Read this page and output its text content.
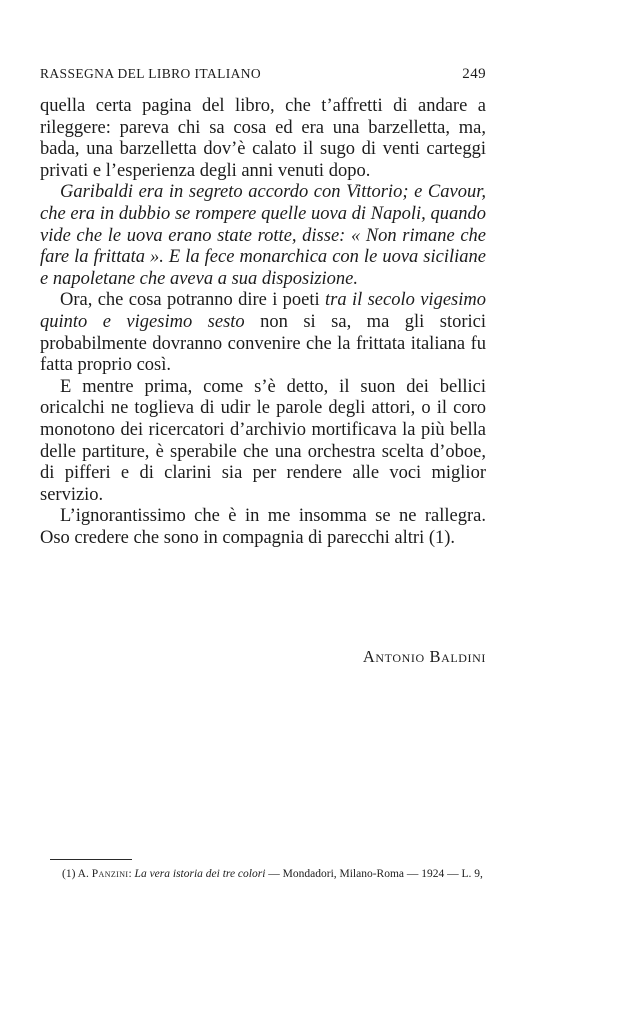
RASSEGNA DEL LIBRO ITALIANO	249

quella certa pagina del libro, che t’affretti di andare a rileggere: pareva chi sa cosa ed era una barzelletta, ma, bada, una barzelletta dov’è calato il sugo di venti carteggi privati e l’esperienza degli anni venuti dopo.

Garibaldi era in segreto accordo con Vittorio; e Cavour, che era in dubbio se rompere quelle uova di Napoli, quando vide che le uova erano state rotte, disse: « Non rimane che fare la frittata ». E la fece monarchica con le uova siciliane e napoletane che aveva a sua disposizione.

Ora, che cosa potranno dire i poeti tra il secolo vigesimo quinto e vigesimo sesto non si sa, ma gli storici probabilmente dovranno convenire che la frittata italiana fu fatta proprio così.

E mentre prima, come s’è detto, il suon dei bellici oricalchi ne toglieva di udir le parole degli attori, o il coro monotono dei ricercatori d’archivio mortificava la più bella delle partiture, è sperabile che una orchestra scelta d’oboe, di pifferi e di clarini sia per rendere alle voci miglior servizio.

L’ignorantissimo che è in me insomma se ne rallegra. Oso credere che sono in compagnia di parecchi altri (1).

Antonio Baldini
(1) A. Panzini: La vera istoria dei tre colori — Mondadori, Milano-Roma — 1924 — L. 9,
